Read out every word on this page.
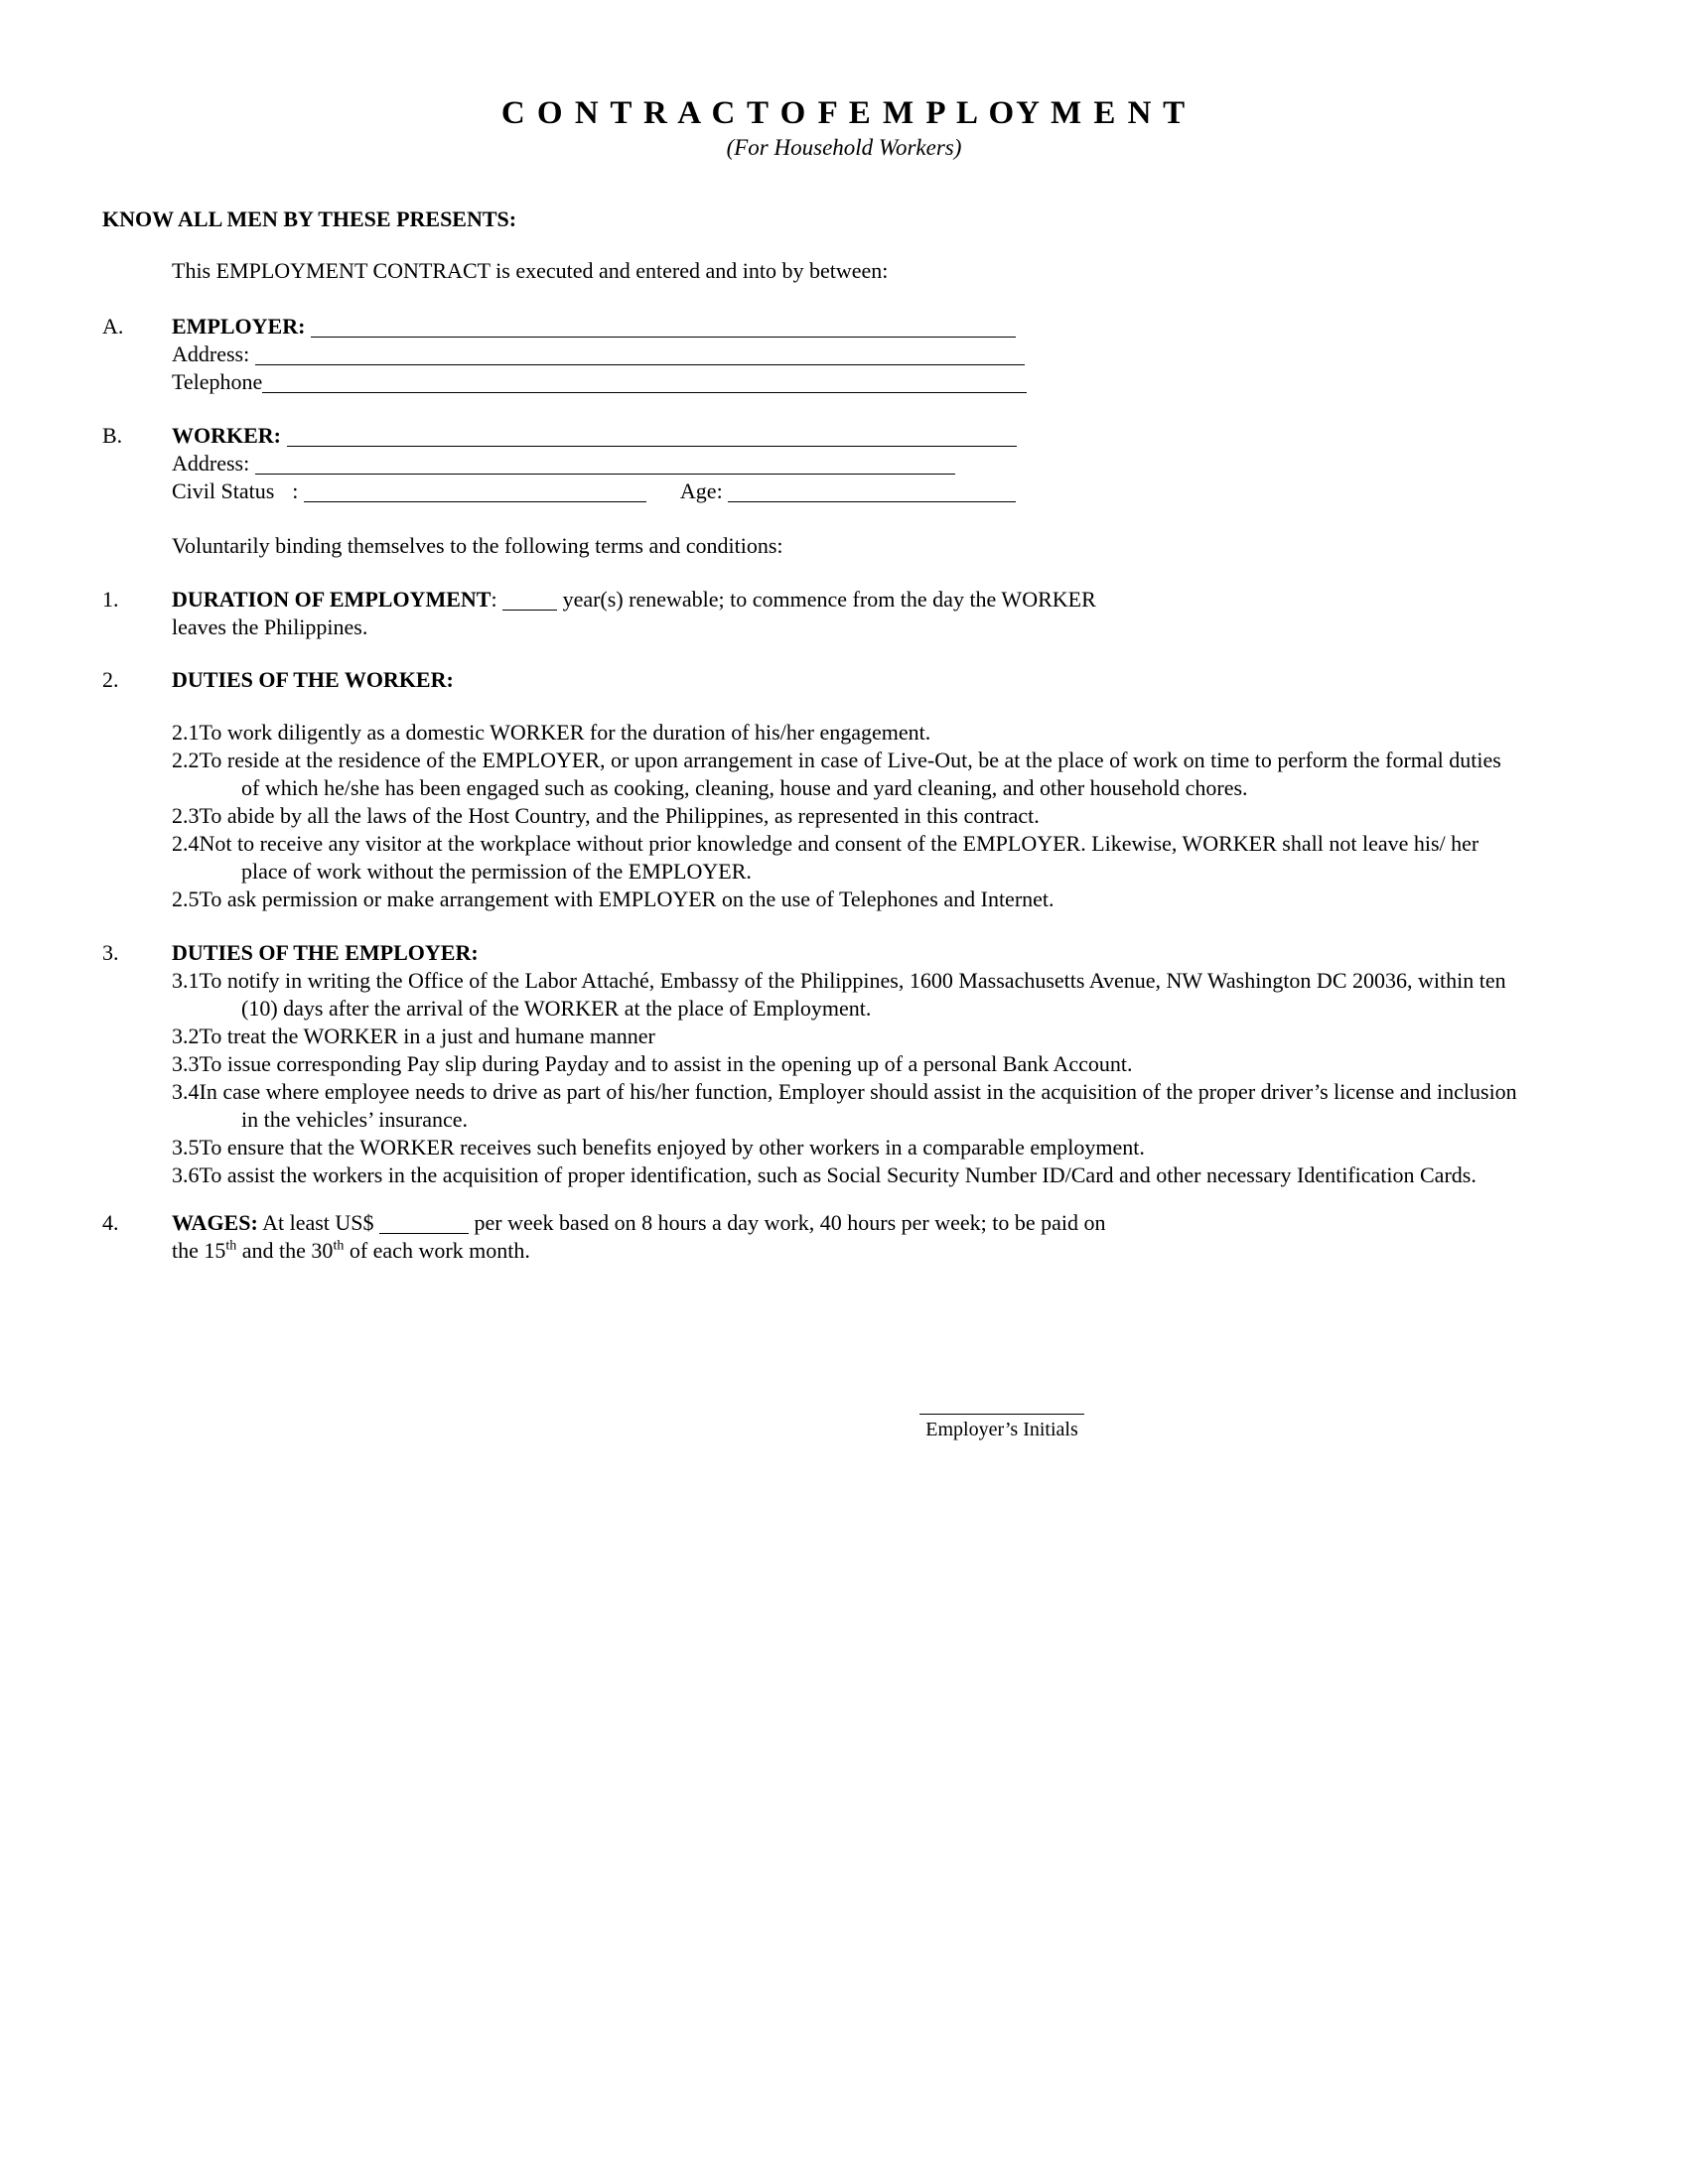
C O N T R A C T O F E M P L OY M E N T
(For Household Workers)
KNOW ALL MEN BY THESE PRESENTS:
This EMPLOYMENT CONTRACT is executed and entered and into by between:
A.	EMPLOYER:
Address:
Telephone
B.	WORKER:
Address:
Civil Status :	Age:
Voluntarily binding themselves to the following terms and conditions:
1.	DURATION OF EMPLOYMENT:	year(s) renewable; to commence from the day the WORKER
leaves the Philippines.
2.	DUTIES OF THE WORKER:
2.1To work diligently as a domestic WORKER for the duration of his/her engagement.
2.2To reside at the residence of the EMPLOYER, or upon arrangement in case of Live-Out, be at the place of work on time to perform the formal duties of which he/she has been engaged such as cooking, cleaning, house and yard cleaning, and other household chores.
2.3To abide by all the laws of the Host Country, and the Philippines, as represented in this contract.
2.4Not to receive any visitor at the workplace without prior knowledge and consent of the EMPLOYER. Likewise, WORKER shall not leave his/ her place of work without the permission of the EMPLOYER.
2.5To ask permission or make arrangement with EMPLOYER on the use of Telephones and Internet.
3.	DUTIES OF THE EMPLOYER:
3.1To notify in writing the Office of the Labor Attaché, Embassy of the Philippines, 1600 Massachusetts Avenue, NW Washington DC 20036, within ten (10) days after the arrival of the WORKER at the place of Employment.
3.2To treat the WORKER in a just and humane manner
3.3To issue corresponding Pay slip during Payday and to assist in the opening up of a personal Bank Account.
3.4In case where employee needs to drive as part of his/her function, Employer should assist in the acquisition of the proper driver’s license and inclusion in the vehicles’ insurance.
3.5To ensure that the WORKER receives such benefits enjoyed by other workers in a comparable employment.
3.6To assist the workers in the acquisition of proper identification, such as Social Security Number ID/Card and other necessary Identification Cards.
4.	WAGES: At least US$	per week based on 8 hours a day work, 40 hours per week; to be paid on
the 15th and the 30th of each work month.
Employer’s Initials
